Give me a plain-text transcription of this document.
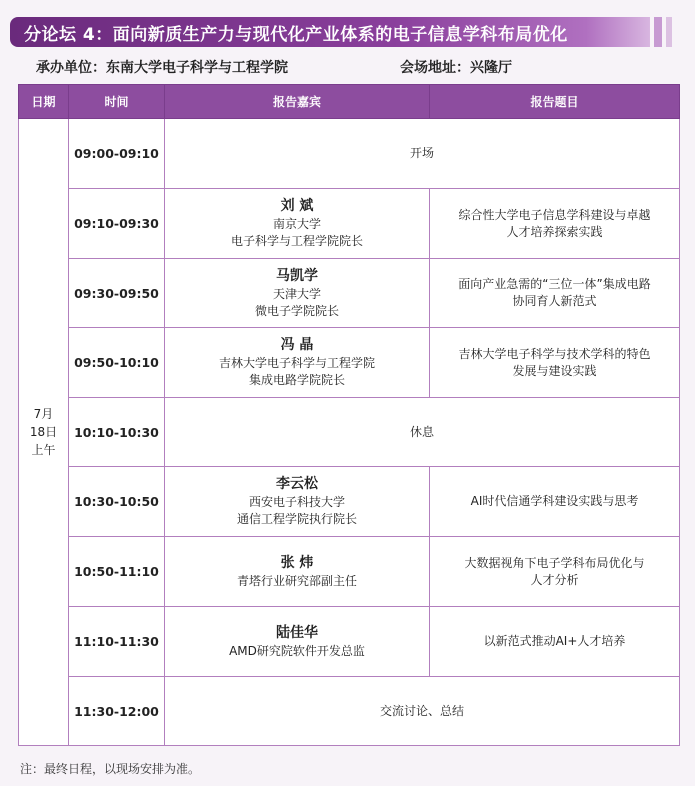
分论坛 4：面向新质生产力与现代化产业体系的电子信息学科布局优化
承办单位：东南大学电子科学与工程学院	会场地址：兴隆厅
日期	时间	报告嘉宾	报告题目

7月
18日
上午	09:00-09:10	开场	
	09:10-09:30	刘 斌
南京大学
电子科学与工程学院院长	综合性大学电子信息学科建设与卓越
人才培养探索实践

	09:30-09:50	马凯学
天津大学
微电子学院院长	面向产业急需的“三位一体”集成电路
协同育人新范式

	09:50-10:10	冯 晶
吉林大学电子科学与工程学院
集成电路学院院长	吉林大学电子科学与技术学科的特色
发展与建设实践

	10:10-10:30	休息	
	10:30-10:50	李云松
西安电子科技大学
通信工程学院执行院长	AI时代信通学科建设实践与思考

	10:50-11:10	张 炜
青塔行业研究部副主任	大数据视角下电子学科布局优化与
人才分析

	11:10-11:30	陆佳华
AMD研究院软件开发总监	以新范式推动AI+人才培养

	11:30-12:00	交流讨论、总结	
注：最终日程，以现场安排为准。
